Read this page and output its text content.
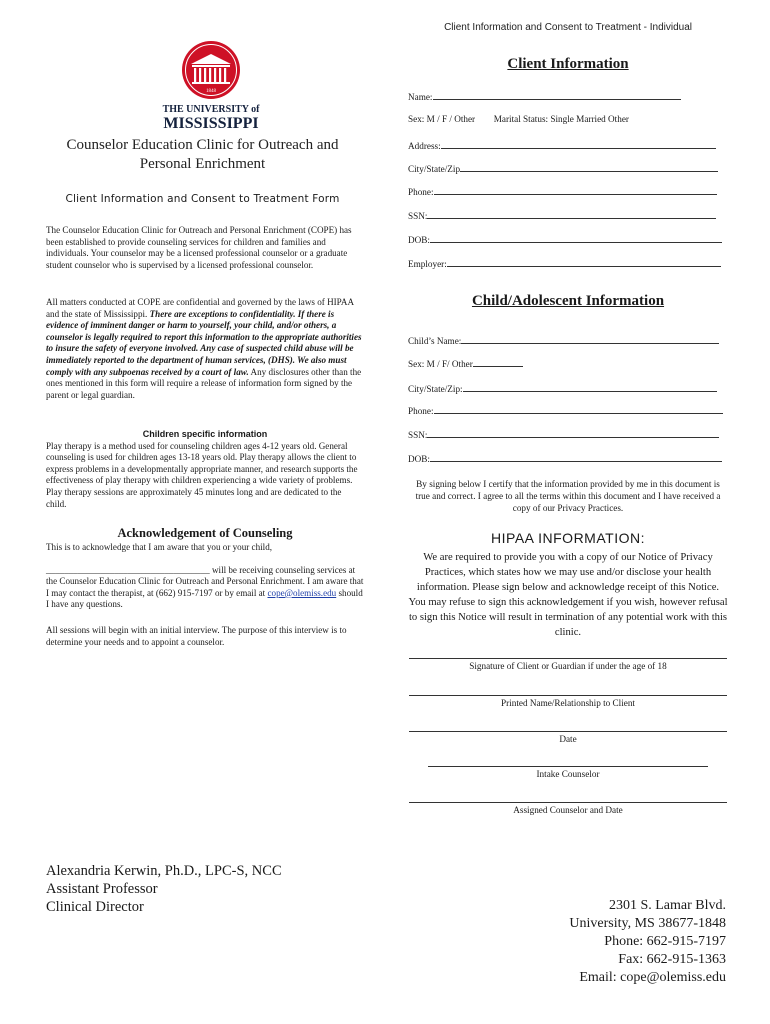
Client Information and Consent to Treatment - Individual
1848
THE UNIVERSITY of
MISSISSIPPI
Counselor Education Clinic for Outreach and
Personal Enrichment
Client Information and Consent to Treatment Form
The Counselor Education Clinic for Outreach and Personal Enrichment (COPE) has been established to provide counseling services for children and families and individuals. Your counselor may be a licensed professional counselor or a graduate student counselor who is supervised by a licensed professional counselor.
All matters conducted at COPE are confidential and governed by the laws of HIPAA and the state of Mississippi. There are exceptions to confidentiality. If there is evidence of imminent danger or harm to yourself, your child, and/or others, a counselor is legally required to report this information to the appropriate authorities to insure the safety of everyone involved. Any case of suspected child abuse will be immediately reported to the department of human services, (DHS). We also must comply with any subpoenas received by a court of law. Any disclosures other than the ones mentioned in this form will require a release of information form signed by the parent or legal guardian.
Children specific information
Play therapy is a method used for counseling children ages 4-12 years old. General counseling is used for children ages 13-18 years old. Play therapy allows the client to express problems in a developmentally appropriate manner, and research supports the effectiveness of play therapy with children experiencing a wide variety of problems. Play therapy sessions are approximately 45 minutes long and are dedicated to the child.
Acknowledgement of Counseling
This is to acknowledge that I am aware that you or your child,
____________________________________ will be receiving counseling services at the Counselor Education Clinic for Outreach and Personal Enrichment. I am aware that I may contact the therapist, at (662) 915-7197 or by email at cope@olemiss.edu should I have any questions.
All sessions will begin with an initial interview. The purpose of this interview is to determine your needs and to appoint a counselor.
Client Information
Name:
Sex: M / F / Other Marital Status: Single Married Other
Address:
City/State/Zip
Phone:
SSN:
DOB:
Employer:
Child/Adolescent Information
Child’s Name:
Sex: M / F/ Other
City/State/Zip:
Phone:
SSN:
DOB:
By signing below I certify that the information provided by me in this document is true and correct. I agree to all the terms within this document and I have received a copy of our Privacy Practices.
HIPAA INFORMATION:
We are required to provide you with a copy of our Notice of Privacy Practices, which states how we may use and/or disclose your health information. Please sign below and acknowledge receipt of this Notice. You may refuse to sign this acknowledgement if you wish, however refusal to sign this Notice will result in termination of any potential work with this clinic.
Signature of Client or Guardian if under the age of 18
Printed Name/Relationship to Client
Date
Intake Counselor
Assigned Counselor and Date
Alexandria Kerwin, Ph.D., LPC-S, NCC
Assistant Professor
Clinical Director	2301 S. Lamar Blvd.
University, MS 38677-1848
Phone: 662-915-7197
Fax: 662-915-1363
Email: cope@olemiss.edu
